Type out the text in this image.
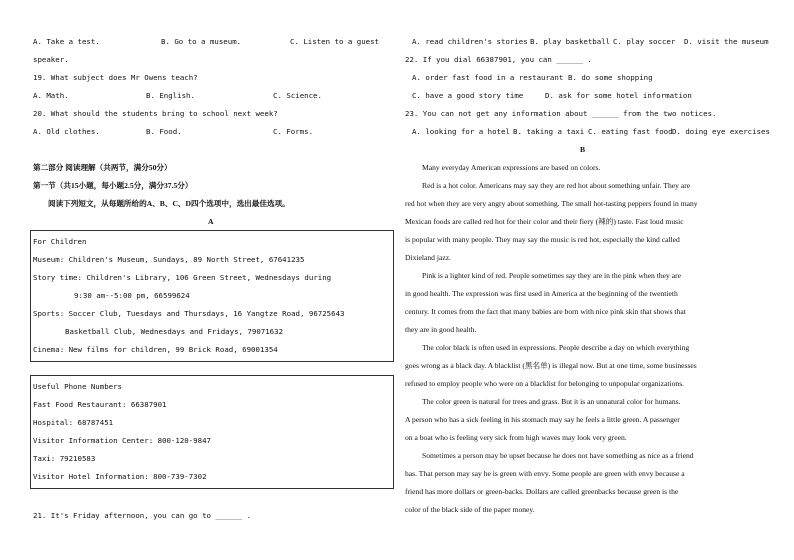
A. Take a test.	B. Go to a museum.	C. Listen to a guest
speaker.
19. What subject does Mr Owens teach?
A. Math.	B. English.	C. Science.
20. What should the students bring to school next week?
A. Old clothes.	B. Food.	C. Forms.
第二部分 阅读理解（共两节，满分50分）
第一节（共15小题，每小题2.5分，满分37.5分）
阅读下列短文，从每题所给的A、B、C、D四个选项中，选出最佳选项。
A
For Children
Museum: Children's Museum, Sundays, 89 North Street, 67641235
Story time: Children's Library, 106 Green Street, Wednesdays during
9:30 am--5:00 pm, 66599624
Sports: Soccer Club, Tuesdays and Thursdays, 16 Yangtze Road, 96725643
Basketball Club, Wednesdays and Fridays, 79071632
Cinema: New films for children, 99 Brick Road, 69001354
Useful Phone Numbers
Fast Food Restaurant: 66387901
Hospital: 68787451
Visitor Information Center: 800-120-9847
Taxi: 79210583
Visitor Hotel Information: 800-739-7302
21. It's Friday afternoon, you can go to ______ .
A. read children's stories B. play basketball C. play soccer D. visit the museum
22. If you dial 66387901, you can ______ .
A. order fast food in a restaurant B. do some shopping
C. have a good story time	D. ask for some hotel information
23. You can not get any information about ______ from the two notices.
A. looking for a hotel B. taking a taxi C. eating fast food D. doing eye exercises
B
Many everyday American expressions are based on colors.
Red is a hot color. Americans may say they are red hot about something unfair. They are
red hot when they are very angry about something. The small hot-tasting peppers found in many
Mexican foods are called red hot for their color and their fiery (辣的) taste. Fast loud music
is popular with many people. They may say the music is red hot, especially the kind called
Dixieland jazz.
Pink is a lighter kind of red. People sometimes say they are in the pink when they are
in good health. The expression was first used in America at the beginning of the twentieth
century. It comes from the fact that many babies are born with nice pink skin that shows that
they are in good health.
The color black is often used in expressions. People describe a day on which everything
goes wrong as a black day. A blacklist (黑名单) is illegal now. But at one time, some businesses
refused to employ people who were on a blacklist for belonging to unpopular organizations.
The color green is natural for trees and grass. But it is an unnatural color for humans.
A person who has a sick feeling in his stomach may say he feels a little green. A passenger
on a boat who is feeling very sick from high waves may look very green.
Sometimes a person may be upset because he does not have something as nice as a friend
has. That person may say he is green with envy. Some people are green with envy because a
friend has more dollars or green-backs. Dollars are called greenbacks because green is the
color of the black side of the paper money.
